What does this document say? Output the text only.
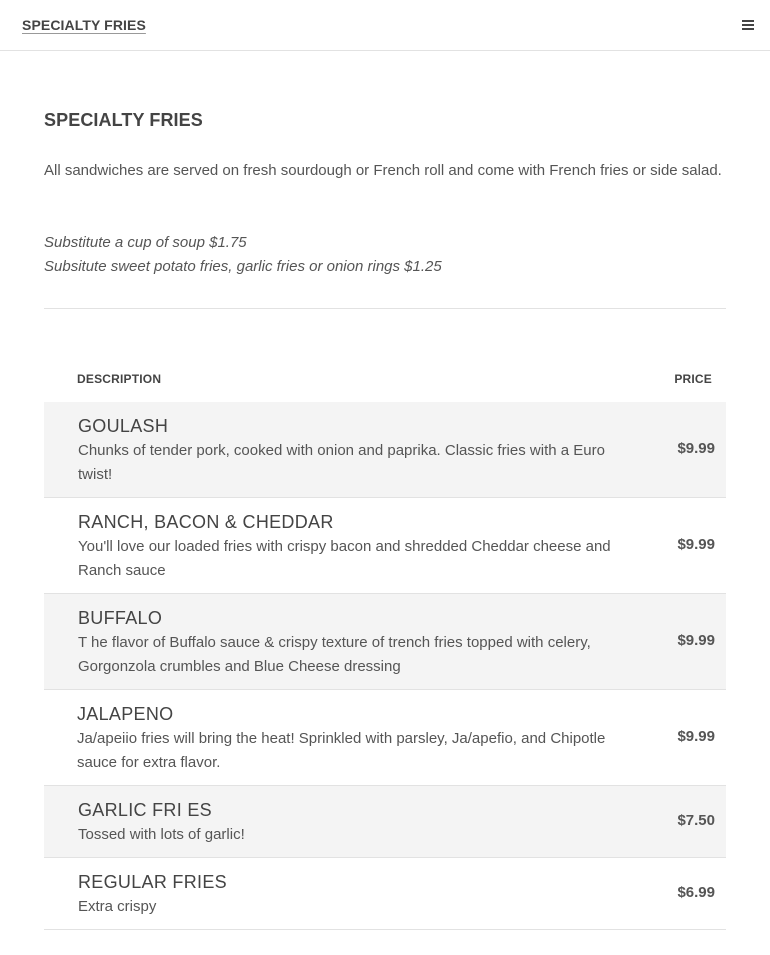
SPECIALTY FRIES
SPECIALTY FRIES

All sandwiches are served on fresh sourdough or French roll and come with French fries or side salad.

Substitute a cup of soup $1.75
Subsitute sweet potato fries, garlic fries or onion rings $1.25
DESCRIPTION	PRICE
GOULASH
Chunks of tender pork, cooked with onion and paprika. Classic fries with a Euro twist!
$9.99
RANCH, BACON & CHEDDAR
You'll love our loaded fries with crispy bacon and shredded Cheddar cheese and Ranch sauce
$9.99
BUFFALO
T he flavor of Buffalo sauce & crispy texture of trench fries topped with celery, Gorgonzola crumbles and Blue Cheese dressing
$9.99
JALAPENO
Ja/apeiio fries will bring the heat! Sprinkled with parsley, Ja/apefio, and Chipotle sauce for extra flavor.
$9.99
GARLIC FRI ES
Tossed with lots of garlic!
$7.50
REGULAR FRIES
Extra crispy
$6.99
